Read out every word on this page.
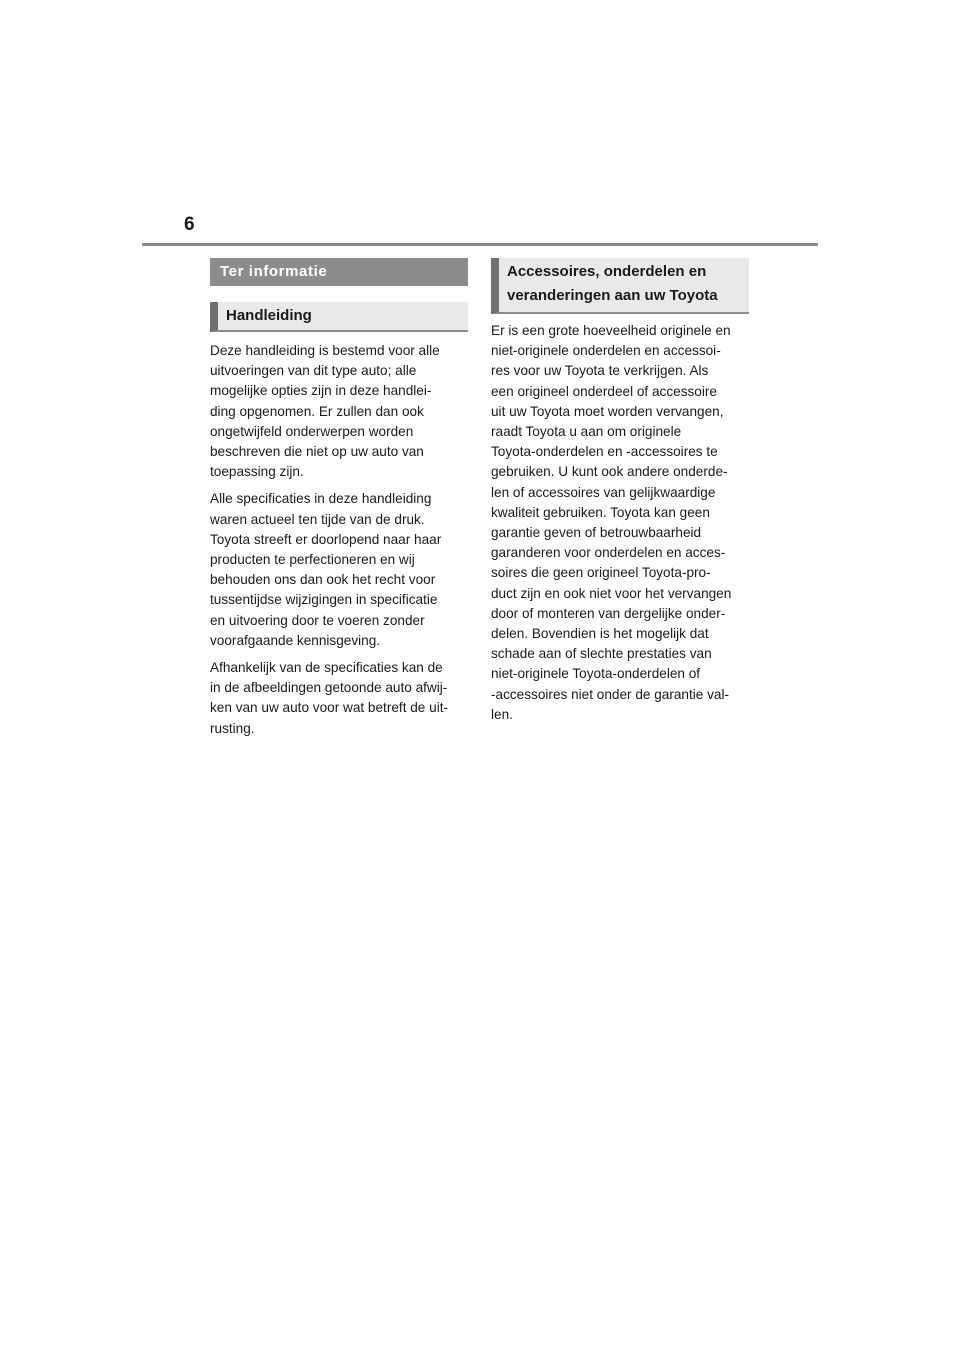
6
Ter informatie
Handleiding

Deze handleiding is bestemd voor alle
uitvoeringen van dit type auto; alle
mogelijke opties zijn in deze handlei-
ding opgenomen. Er zullen dan ook
ongetwijfeld onderwerpen worden
beschreven die niet op uw auto van
toepassing zijn.

Alle specificaties in deze handleiding
waren actueel ten tijde van de druk.
Toyota streeft er doorlopend naar haar
producten te perfectioneren en wij
behouden ons dan ook het recht voor
tussentijdse wijzigingen in specificatie
en uitvoering door te voeren zonder
voorafgaande kennisgeving.

Afhankelijk van de specificaties kan de
in de afbeeldingen getoonde auto afwij-
ken van uw auto voor wat betreft de uit-
rusting.

Accessoires, onderdelen en
veranderingen aan uw Toyota

Er is een grote hoeveelheid originele en
niet-originele onderdelen en accessoi-
res voor uw Toyota te verkrijgen. Als
een origineel onderdeel of accessoire
uit uw Toyota moet worden vervangen,
raadt Toyota u aan om originele
Toyota-onderdelen en -accessoires te
gebruiken. U kunt ook andere onderde-
len of accessoires van gelijkwaardige
kwaliteit gebruiken. Toyota kan geen
garantie geven of betrouwbaarheid
garanderen voor onderdelen en acces-
soires die geen origineel Toyota-pro-
duct zijn en ook niet voor het vervangen
door of monteren van dergelijke onder-
delen. Bovendien is het mogelijk dat
schade aan of slechte prestaties van
niet-originele Toyota-onderdelen of
-accessoires niet onder de garantie val-
len.
